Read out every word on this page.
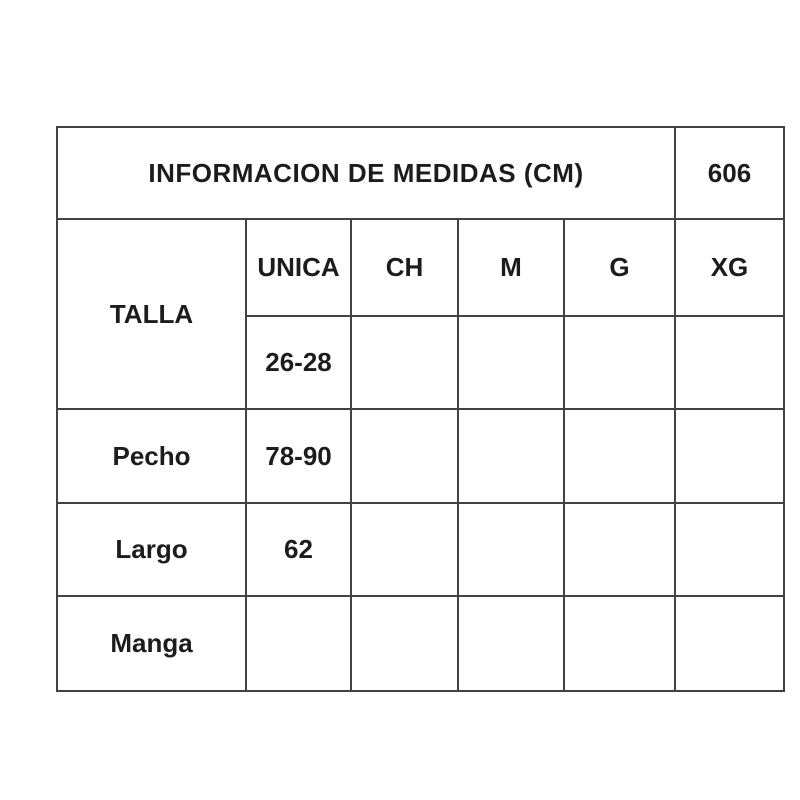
INFORMACION DE MEDIDAS (CM)					606
TALLA	UNICA	CH	M	G	XG
	26-28				
Pecho	78-90				
Largo	62				
Manga					
